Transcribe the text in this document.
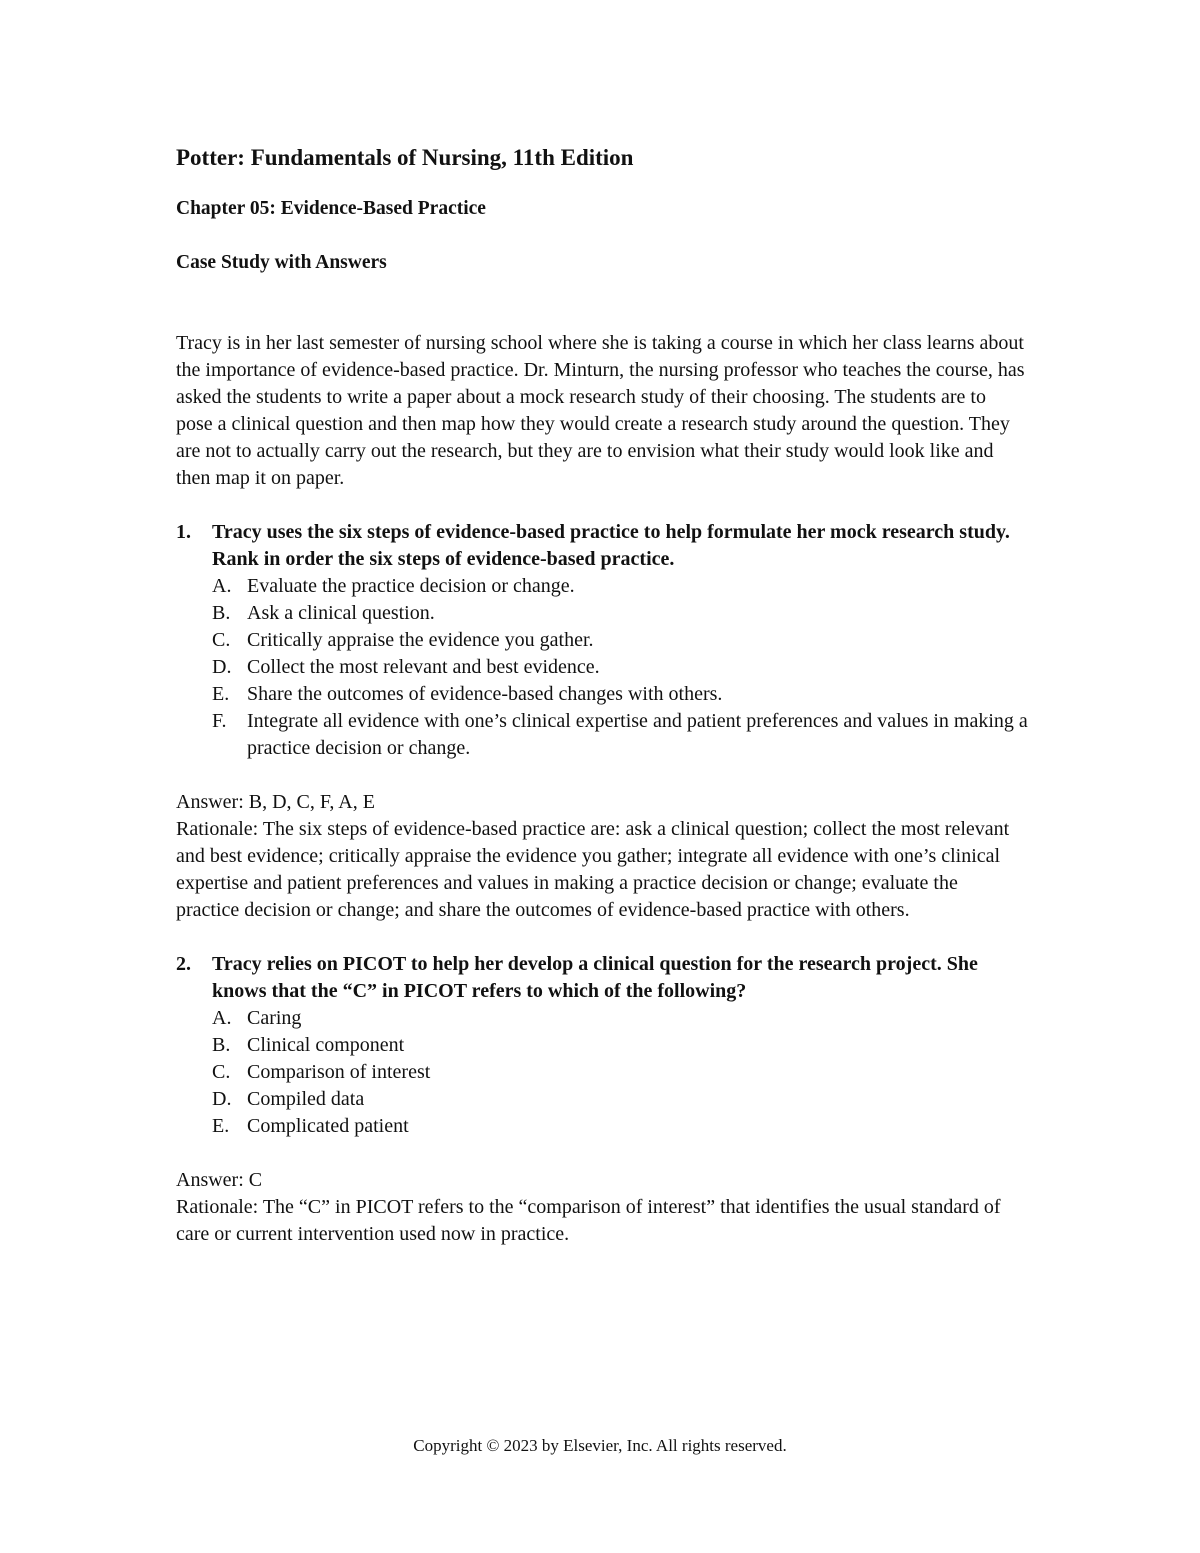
Potter: Fundamentals of Nursing, 11th Edition
Chapter 05: Evidence-Based Practice
Case Study with Answers

Tracy is in her last semester of nursing school where she is taking a course in which her class learns about the importance of evidence-based practice. Dr. Minturn, the nursing professor who teaches the course, has asked the students to write a paper about a mock research study of their choosing. The students are to pose a clinical question and then map how they would create a research study around the question. They are not to actually carry out the research, but they are to envision what their study would look like and then map it on paper.

1. Tracy uses the six steps of evidence-based practice to help formulate her mock research study. Rank in order the six steps of evidence-based practice.

A. Evaluate the practice decision or change.
B. Ask a clinical question.
C. Critically appraise the evidence you gather.
D. Collect the most relevant and best evidence.
E. Share the outcomes of evidence-based changes with others.
F. Integrate all evidence with one’s clinical expertise and patient preferences and values in making a practice decision or change.

Answer: B, D, C, F, A, E

Rationale: The six steps of evidence-based practice are: ask a clinical question; collect the most relevant and best evidence; critically appraise the evidence you gather; integrate all evidence with one’s clinical expertise and patient preferences and values in making a practice decision or change; evaluate the practice decision or change; and share the outcomes of evidence-based practice with others.

2. Tracy relies on PICOT to help her develop a clinical question for the research project. She knows that the “C” in PICOT refers to which of the following?

A. Caring
B. Clinical component
C. Comparison of interest
D. Compiled data
E. Complicated patient

Answer: C

Rationale: The “C” in PICOT refers to the “comparison of interest” that identifies the usual standard of care or current intervention used now in practice.

Copyright © 2023 by Elsevier, Inc. All rights reserved.
